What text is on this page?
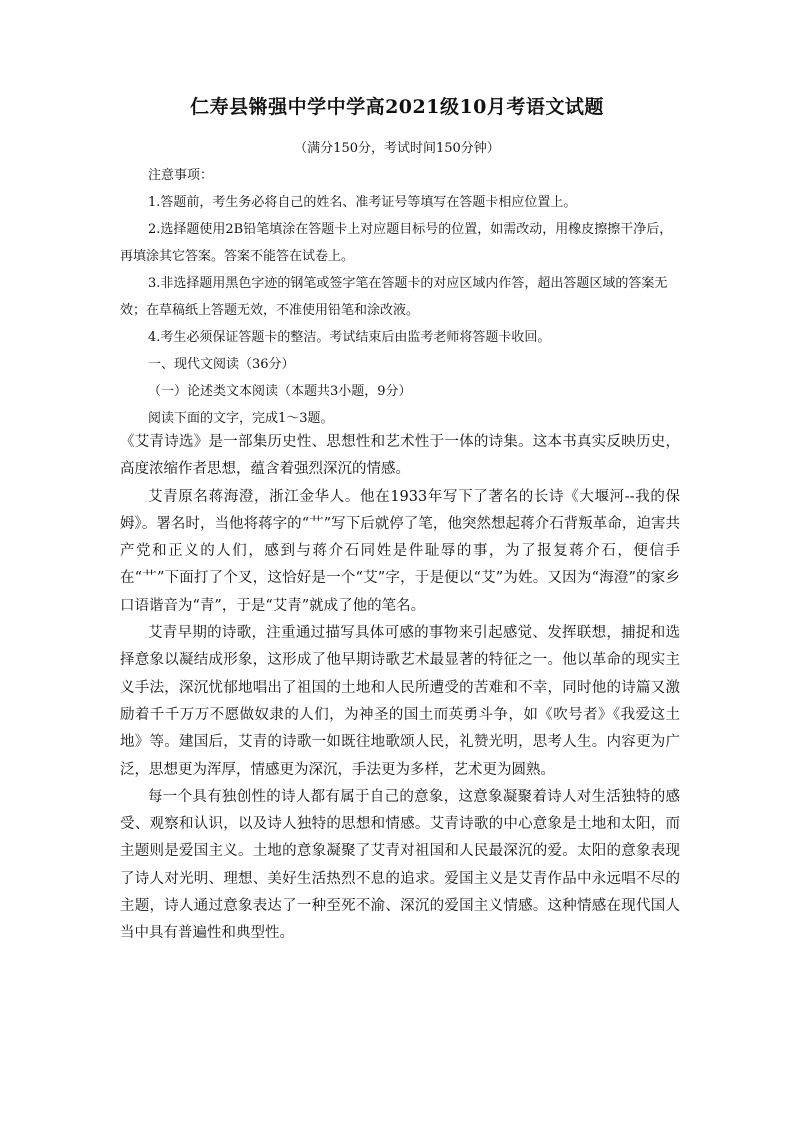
仁寿县锵强中学中学高2021级10月考语文试题
（满分150分，考试时间150分钟）

注意事项：

1.答题前，考生务必将自己的姓名、准考证号等填写在答题卡相应位置上。

2.选择题使用2B铅笔填涂在答题卡上对应题目标号的位置，如需改动，用橡皮擦擦干净后，再填涂其它答案。答案不能答在试卷上。

3.非选择题用黑色字迹的钢笔或签字笔在答题卡的对应区域内作答，超出答题区域的答案无效；在草稿纸上答题无效，不准使用铅笔和涂改液。

4.考生必须保证答题卡的整洁。考试结束后由监考老师将答题卡收回。

一、现代文阅读（36分）

（一）论述类文本阅读（本题共3小题，9分）

阅读下面的文字，完成1～3题。

《艾青诗选》是一部集历史性、思想性和艺术性于一体的诗集。这本书真实反映历史，高度浓缩作者思想，蕴含着强烈深沉的情感。

艾青原名蒋海澄，浙江金华人。他在1933年写下了著名的长诗《大堰河--我的保姆》。署名时，当他将蒋字的“艹”写下后就停了笔，他突然想起蒋介石背叛革命，迫害共产党和正义的人们，感到与蒋介石同姓是件耻辱的事，为了报复蒋介石，便信手在“艹”下面打了个叉，这恰好是一个“艾”字，于是便以“艾”为姓。又因为“海澄”的家乡口语谐音为“青”，于是“艾青”就成了他的笔名。

艾青早期的诗歌，注重通过描写具体可感的事物来引起感觉、发挥联想，捕捉和选择意象以凝结成形象，这形成了他早期诗歌艺术最显著的特征之一。他以革命的现实主义手法，深沉忧郁地唱出了祖国的土地和人民所遭受的苦难和不幸，同时他的诗篇又激励着千千万万不愿做奴隶的人们，为神圣的国土而英勇斗争，如《吹号者》《我爱这土地》等。建国后，艾青的诗歌一如既往地歌颂人民，礼赞光明，思考人生。内容更为广泛，思想更为浑厚，情感更为深沉，手法更为多样，艺术更为圆熟。

每一个具有独创性的诗人都有属于自己的意象，这意象凝聚着诗人对生活独特的感受、观察和认识，以及诗人独特的思想和情感。艾青诗歌的中心意象是土地和太阳，而主题则是爱国主义。土地的意象凝聚了艾青对祖国和人民最深沉的爱。太阳的意象表现了诗人对光明、理想、美好生活热烈不息的追求。爱国主义是艾青作品中永远唱不尽的主题，诗人通过意象表达了一种至死不渝、深沉的爱国主义情感。这种情感在现代国人当中具有普遍性和典型性。
